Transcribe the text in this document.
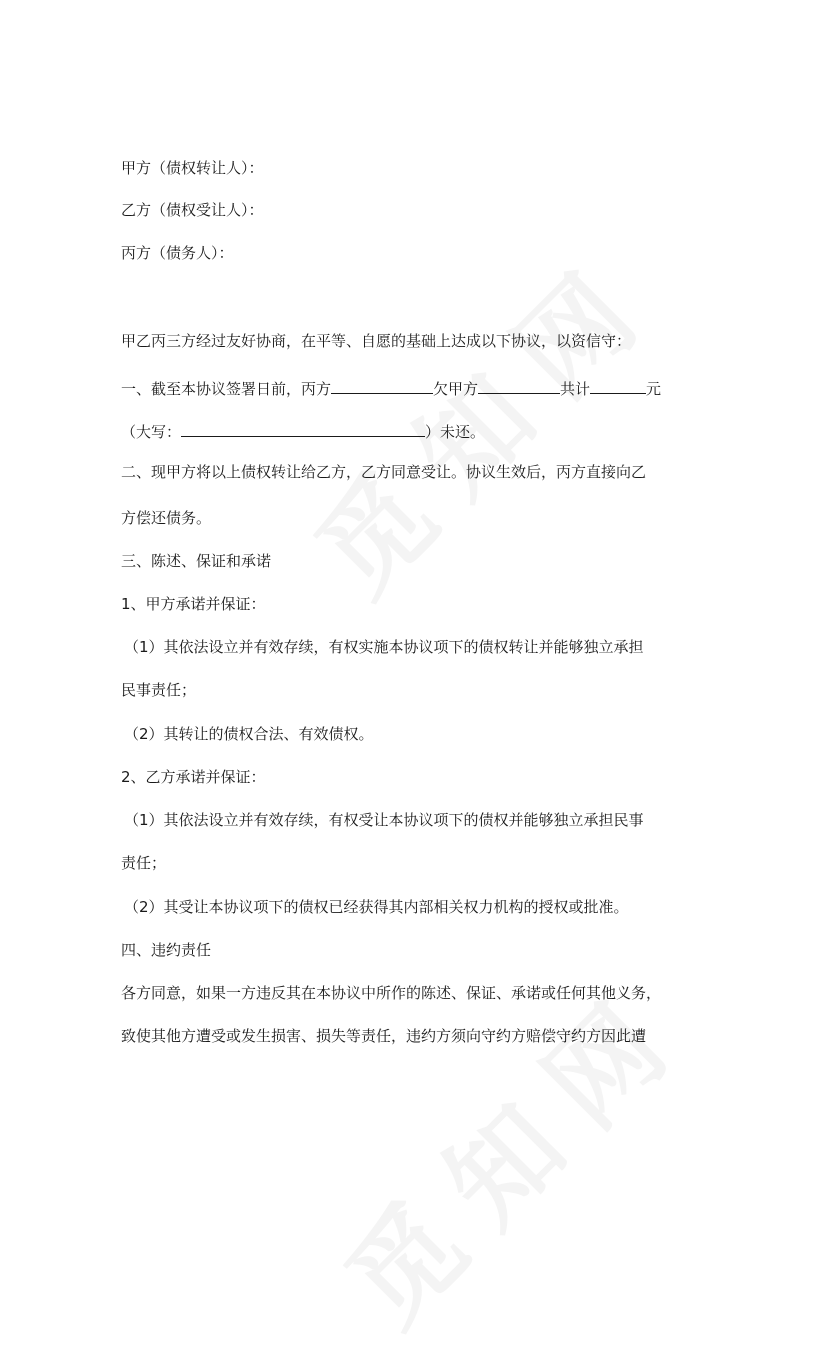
甲方（债权转让人）：
乙方（债权受让人）：
丙方（债务人）：
甲乙丙三方经过友好协商，在平等、自愿的基础上达成以下协议，以资信守：
一、截至本协议签署日前，丙方	欠甲方	共计	元
（大写：	）未还。
二、现甲方将以上债权转让给乙方，乙方同意受让。协议生效后，丙方直接向乙
方偿还债务。
三、陈述、保证和承诺
1、甲方承诺并保证：
（1）其依法设立并有效存续，有权实施本协议项下的债权转让并能够独立承担
民事责任；
（2）其转让的债权合法、有效债权。
2、乙方承诺并保证：
（1）其依法设立并有效存续，有权受让本协议项下的债权并能够独立承担民事
责任；
（2）其受让本协议项下的债权已经获得其内部相关权力机构的授权或批准。
四、违约责任
各方同意，如果一方违反其在本协议中所作的陈述、保证、承诺或任何其他义务，
致使其他方遭受或发生损害、损失等责任，违约方须向守约方赔偿守约方因此遭
